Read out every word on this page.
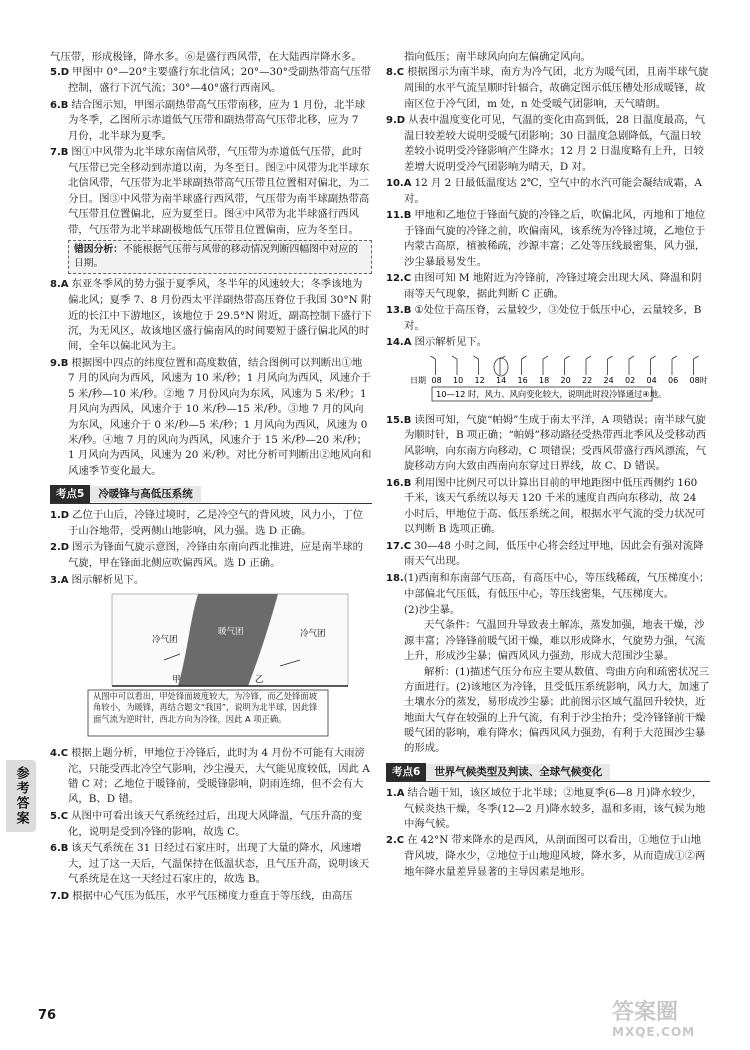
气压带，形成极锋，降水多。⑥是盛行西风带，在大陆西岸降水多。

5.D 甲图中 0°—20°主要盛行东北信风；20°—30°受副热带高气压带控制，盛行下沉气流；30°—40°盛行西南风。
6.B 结合图示知，甲图示副热带高气压带南移，应为 1 月份，北半球为冬季，乙图所示赤道低气压带和副热带高气压带北移，应为 7 月份，北半球为夏季。
7.B 图①中风带为北半球东南信风带，气压带为赤道低气压带，此时气压带已完全移动到赤道以南，为冬至日。图②中风带为北半球东北信风带，气压带为北半球副热带高气压带且位置相对偏北，为二分日。图③中风带为南半球盛行西风带，气压带为南半球副热带高气压带且位置偏北，应为夏至日。图④中风带为北半球盛行西风带，气压带为北半球副极地低气压带且位置偏南，应为冬至日。
错因分析：不能根据气压带与风带的移动情况判断四幅图中对应的日期。
8.A 东亚冬季风的势力强于夏季风，冬半年的风速较大；冬季该地为偏北风；夏季 7、8 月份西太平洋副热带高压脊位于我国 30°N 附近的长江中下游地区，该地位于 29.5°N 附近，副高控制下盛行下沉，为无风区，故该地区盛行偏南风的时间要短于盛行偏北风的时间，全年以偏北风为主。
9.B 根据图中四点的纬度位置和高度数值，结合图例可以判断出①地 7 月的风向为西风，风速为 10 米/秒；1 月风向为西风，风速介于 5 米/秒—10 米/秒。②地 7 月份风向为东风，风速为 5 米/秒；1 月风向为西风，风速介于 10 米/秒—15 米/秒。③地 7 月的风向为东风，风速介于 0 米/秒—5 米/秒；1 月风向为西风，风速为 0 米/秒。④地 7 月的风向为西风，风速介于 15 米/秒—20 米/秒；1 月风向为西风，风速为 20 米/秒。对比分析可判断出②地风向和风速季节变化最大。
考点5	冷暖锋与高低压系统
1.D 乙位于山后，冷锋过境时，乙是冷空气的背风坡，风力小，丁位于山谷地带，受两侧山地影响，风力强。选 D 正确。
2.D 图示为锋面气旋示意图，冷锋由东南向西北推进，应是南半球的气旋，甲在锋面北侧应吹偏西风。选 D 正确。
3.A 图示解析见下。
冷气团
暖气团	冷气团
甲	乙
从图中可以看出，甲处锋面坡度较大，为冷锋，而乙处锋面坡角较小，为暖锋，再结合题文“我国”，说明为北半球，因此锋面气流为逆时针，西北方向为冷锋，因此 A 项正确。
4.C 根据上题分析，甲地位于冷锋后，此时为 4 月份不可能有大雨滂沱，只能受西北冷空气影响，沙尘漫天，大气能见度较低，因此 A 错 C 对；乙地位于暖锋前，受暖锋影响，阴雨连绵，但不会有大风，B、D 错。
5.C 从图中可看出该天气系统经过后，出现大风降温，气压升高的变化，说明是受到冷锋的影响，故选 C。
6.B 该天气系统在 31 日经过石家庄时，出现了大量的降水，风速增大，过了这一天后，气温保持在低温状态，且气压升高，说明该天气系统是在这一天经过石家庄的，故选 B。
7.D 根据中心气压为低压，水平气压梯度力垂直于等压线，由高压

指向低压；南半球风向向左偏确定风向。

8.C 根据图示为南半球，南方为冷气团，北方为暖气团，且南半球气旋周围的水平气流呈顺时针辐合，故确定图示低压槽处形成暖锋，故南区位于冷气团，m 处，n 处受暖气团影响，天气晴朗。
9.D 从表中温度变化可见，气温的变化由高到低，28 日温度最高，气温日较差较大说明受暖气团影响；30 日温度急剧降低，气温日较差较小说明受冷锋影响产生降水；12 月 2 日温度略有上升，日较差增大说明受冷气团影响为晴天，D 对。
10.A 12 月 2 日最低温度达 2℃，空气中的水汽可能会凝结成霜，A 对。
11.B 甲地和乙地位于锋面气旋的冷锋之后，吹偏北风，丙地和丁地位于锋面气旋的冷锋之前，吹偏南风，该系统为冷锋过境，乙地位于内蒙古高原，植被稀疏，沙源丰富；乙处等压线最密集，风力强，沙尘暴最易发生。
12.C 由图可知 M 地附近为冷锋前，冷锋过境会出现大风、降温和阴雨等天气现象，据此判断 C 正确。
13.B ①处位于高压脊，云量较少，③处位于低压中心，云量较多，B 对。
14.A 图示解析见下。
日期 08 10 12 14 16 18 20 22 24 02 04 06 08时
10—12 时，风力、风向变化较大，说明此时段冷锋通过④地。
15.B 读图可知，气旋“帕姆”生成于南太平洋，A 项错误；南半球气旋为顺时针，B 项正确；“帕姆”移动路径受热带西北季风及受移动西风影响，向东南方向移动，C 项错误；受西风带盛行西风漂流，气旋移动方向大致由西南向东穿过日界线，故 C、D 错误。
16.B 利用图中比例尺可以计算出目前的甲地距图中低压西侧约 160 千米，该天气系统以每天 120 千米的速度自西向东移动，故 24 小时后，甲地位于高、低压系统之间，根据水平气流的受力状况可以判断 B 选项正确。
17.C 30—48 小时之间，低压中心将会经过甲地，因此会有强对流降雨天气出现。
18.(1)西南和东南部气压高，有高压中心，等压线稀疏，气压梯度小；中部偏北气压低，有低压中心，等压线密集，气压梯度大。

(2)沙尘暴。

天气条件：气温回升导致表土解冻，蒸发加强，地表干燥，沙源丰富；冷锋锋前暖气团干燥，难以形成降水，气旋势力强，气流上升，形成沙尘暴；偏西风风力强劲，形成大范围沙尘暴。

解析：(1)描述气压分布应主要从数值、弯曲方向和疏密状况三方面进行。(2)该地区为冷锋，且受低压系统影响，风力大，加速了土壤水分的蒸发，易形成沙尘暴；此前图示区域气温回升较快，近地面大气存在较强的上升气流，有利于沙尘抬升；受冷锋锋前干燥暖气团的影响，难有降水；偏西风风力强劲，有利于大范围沙尘暴的形成。

考点6	世界气候类型及判读、全球气候变化
1.A 结合题干知，该区域位于北半球；②地夏季(6—8 月)降水较少，气候炎热干燥，冬季(12—2 月)降水较多，温和多雨，该气候为地中海气候。
2.C 在 42°N 带来降水的是西风，从剖面图可以看出，①地位于山地背风坡，降水少，②地位于山地迎风坡，降水多，从而造成①②两地年降水量差异显著的主导因素是地形。
参考答案
76	答案圈
MXQE.COM
